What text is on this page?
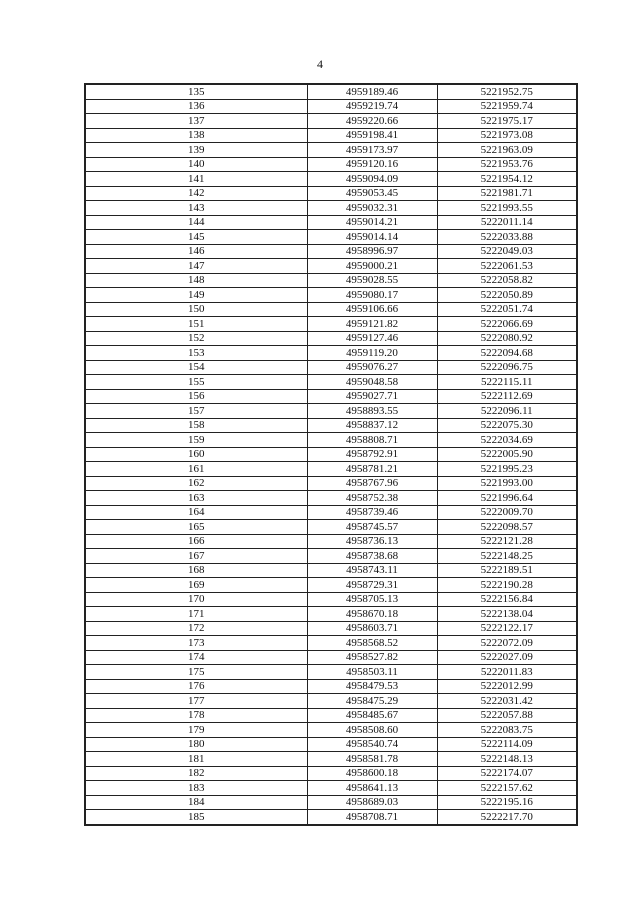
4
135	4959189.46	5221952.75
136	4959219.74	5221959.74
137	4959220.66	5221975.17
138	4959198.41	5221973.08
139	4959173.97	5221963.09
140	4959120.16	5221953.76
141	4959094.09	5221954.12
142	4959053.45	5221981.71
143	4959032.31	5221993.55
144	4959014.21	5222011.14
145	4959014.14	5222033.88
146	4958996.97	5222049.03
147	4959000.21	5222061.53
148	4959028.55	5222058.82
149	4959080.17	5222050.89
150	4959106.66	5222051.74
151	4959121.82	5222066.69
152	4959127.46	5222080.92
153	4959119.20	5222094.68
154	4959076.27	5222096.75
155	4959048.58	5222115.11
156	4959027.71	5222112.69
157	4958893.55	5222096.11
158	4958837.12	5222075.30
159	4958808.71	5222034.69
160	4958792.91	5222005.90
161	4958781.21	5221995.23
162	4958767.96	5221993.00
163	4958752.38	5221996.64
164	4958739.46	5222009.70
165	4958745.57	5222098.57
166	4958736.13	5222121.28
167	4958738.68	5222148.25
168	4958743.11	5222189.51
169	4958729.31	5222190.28
170	4958705.13	5222156.84
171	4958670.18	5222138.04
172	4958603.71	5222122.17
173	4958568.52	5222072.09
174	4958527.82	5222027.09
175	4958503.11	5222011.83
176	4958479.53	5222012.99
177	4958475.29	5222031.42
178	4958485.67	5222057.88
179	4958508.60	5222083.75
180	4958540.74	5222114.09
181	4958581.78	5222148.13
182	4958600.18	5222174.07
183	4958641.13	5222157.62
184	4958689.03	5222195.16
185	4958708.71	5222217.70
